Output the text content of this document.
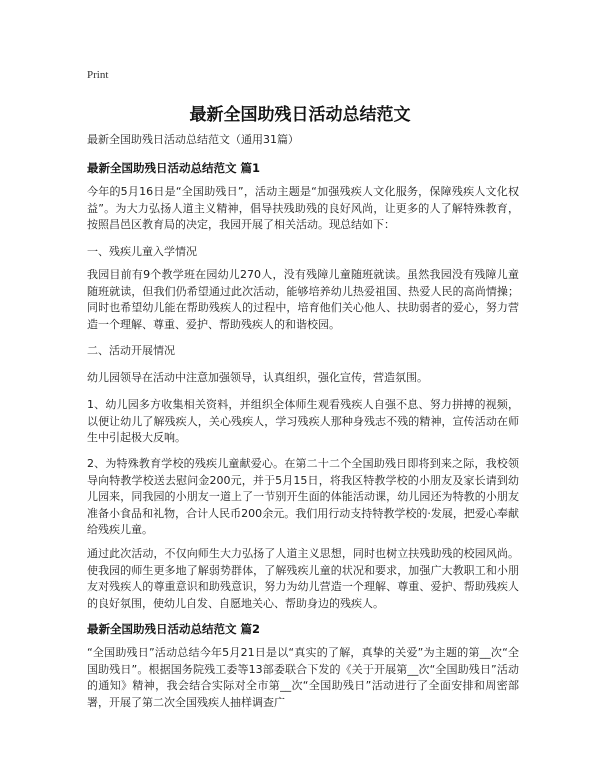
Print
最新全国助残日活动总结范文
最新全国助残日活动总结范文（通用31篇）
最新全国助残日活动总结范文 篇1

今年的5月16日是“全国助残日”，活动主题是“加强残疾人文化服务，保障残疾人文化权益”。为大力弘扬人道主义精神，倡导扶残助残的良好风尚，让更多的人了解特殊教育，按照昌邑区教育局的决定，我园开展了相关活动。现总结如下：

一、残疾儿童入学情况

我园目前有9个教学班在园幼儿270人，没有残障儿童随班就读。虽然我园没有残障儿童随班就读，但我们仍希望通过此次活动，能够培养幼儿热爱祖国、热爱人民的高尚情操；同时也希望幼儿能在帮助残疾人的过程中，培育他们关心他人、扶助弱者的爱心，努力营造一个理解、尊重、爱护、帮助残疾人的和谐校园。

二、活动开展情况

幼儿园领导在活动中注意加强领导，认真组织，强化宣传，营造氛围。

1、幼儿园多方收集相关资料，并组织全体师生观看残疾人自强不息、努力拼搏的视频，以便让幼儿了解残疾人，关心残疾人，学习残疾人那种身残志不残的精神，宣传活动在师生中引起极大反响。

2、为特殊教育学校的残疾儿童献爱心。在第二十二个全国助残日即将到来之际，我校领导向特教学校送去慰问金200元，并于5月15日，将我区特教学校的小朋友及家长请到幼儿园来，同我园的小朋友一道上了一节别开生面的体能活动课，幼儿园还为特教的小朋友准备小食品和礼物，合计人民币200余元。我们用行动支持特教学校的·发展，把爱心奉献给残疾儿童。

通过此次活动，不仅向师生大力弘扬了人道主义思想，同时也树立扶残助残的校园风尚。使我园的师生更多地了解弱势群体，了解残疾儿童的状况和要求，加强广大教职工和小朋友对残疾人的尊重意识和助残意识，努力为幼儿营造一个理解、尊重、爱护、帮助残疾人的良好氛围，使幼儿自发、自愿地关心、帮助身边的残疾人。

最新全国助残日活动总结范文 篇2

“全国助残日”活动总结今年5月21日是以“真实的了解，真挚的关爱”为主题的第__次“全国助残日”。根据国务院残工委等13部委联合下发的《关于开展第__次“全国助残日”活动的通知》精神，我会结合实际对全市第__次“全国助残日”活动进行了全面安排和周密部署，开展了第二次全国残疾人抽样调查广
